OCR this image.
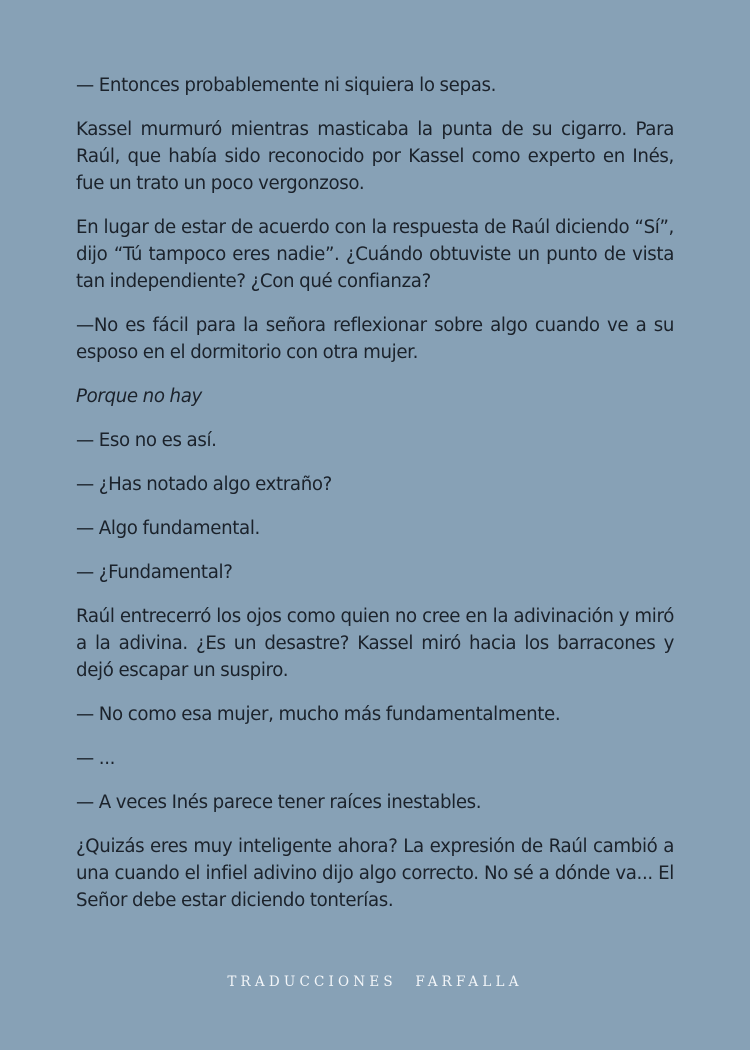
— Entonces probablemente ni siquiera lo sepas.

Kassel murmuró mientras masticaba la punta de su cigarro. Para Raúl, que había sido reconocido por Kassel como experto en Inés, fue un trato un poco vergonzoso.

En lugar de estar de acuerdo con la respuesta de Raúl diciendo “Sí”, dijo “Tú tampoco eres nadie”. ¿Cuándo obtuviste un punto de vista tan independiente? ¿Con qué confianza?

—No es fácil para la señora reflexionar sobre algo cuando ve a su esposo en el dormitorio con otra mujer.

Porque no hay

— Eso no es así.

— ¿Has notado algo extraño?

— Algo fundamental.

— ¿Fundamental?

Raúl entrecerró los ojos como quien no cree en la adivinación y miró a la adivina. ¿Es un desastre? Kassel miró hacia los barracones y dejó escapar un suspiro.

— No como esa mujer, mucho más fundamentalmente.

— ...

— A veces Inés parece tener raíces inestables.

¿Quizás eres muy inteligente ahora? La expresión de Raúl cambió a una cuando el infiel adivino dijo algo correcto. No sé a dónde va... El Señor debe estar diciendo tonterías.

TRADUCCIONES FARFALLA
